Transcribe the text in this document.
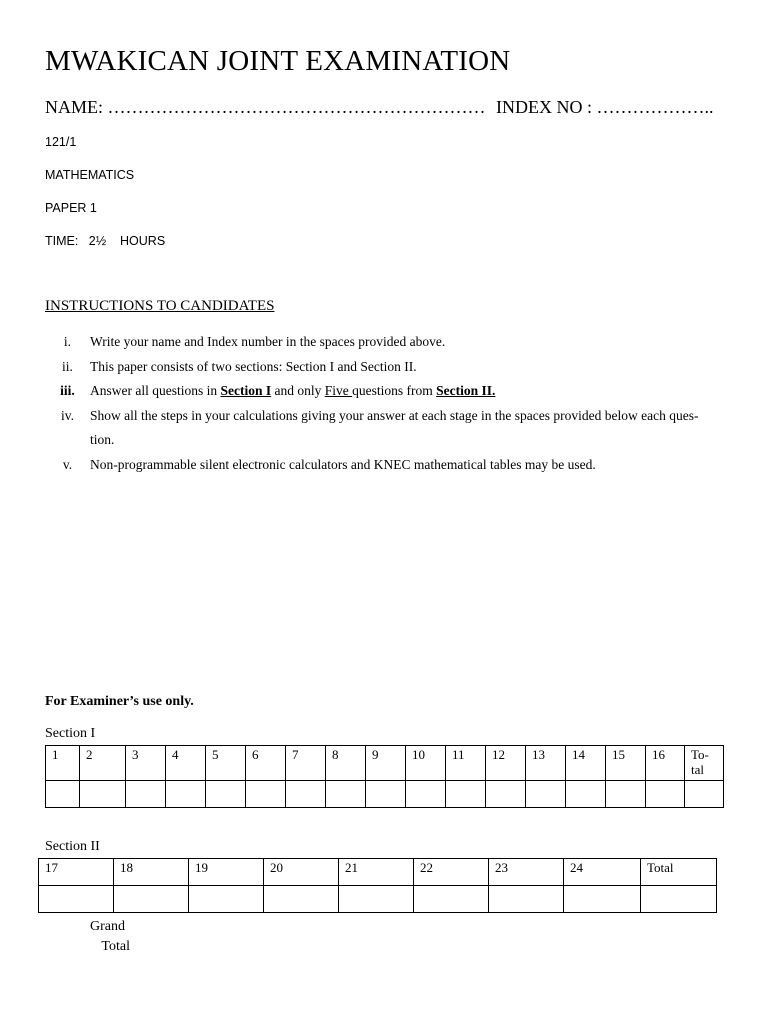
MWAKICAN JOINT EXAMINATION
NAME: ……………………………………………………… INDEX NO : ………………..
121/1
MATHEMATICS
PAPER 1
TIME:   2½    HOURS
INSTRUCTIONS TO CANDIDATES
i.	Write your name and Index number in the spaces provided above.
ii.	This paper consists of two sections: Section I and Section II.
iii.	Answer all questions in Section I and only Five questions from Section II.
iv.	Show all the steps in your calculations giving your answer at each stage in the spaces provided below each ques-
tion.
v.	Non-programmable silent electronic calculators and KNEC mathematical tables may be used.
For Examiner’s use only.
Section I
1	2	3	4	5	6	7	8	9	10	11	12	13	14	15	16	To-
tal

Section II
17	18	19	20	21	22	23	24	Total

Grand
Total
